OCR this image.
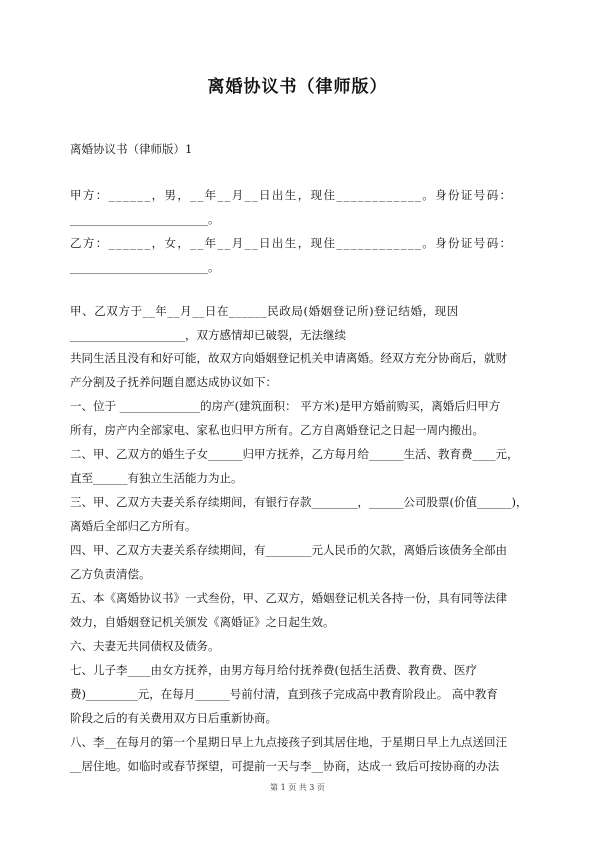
离婚协议书（律师版）
离婚协议书（律师版）1
甲方：______，男，__年__月__日出生，现住____________。身份证号码：
________________________。
乙方：______，女，__年__月__日出生，现住____________。身份证号码：
________________________。
甲、乙双方于__年__月__日在______民政局(婚姻登记所)登记结婚，现因
____________________，双方感情却已破裂，无法继续
共同生活且没有和好可能，故双方向婚姻登记机关申请离婚。经双方充分协商后，就财
产分割及子抚养问题自愿达成协议如下：
一、位于 ______________的房产(建筑面积： 平方米)是甲方婚前购买，离婚后归甲方
所有，房产内全部家电、家私也归甲方所有。乙方自离婚登记之日起一周内搬出。
二、甲、乙双方的婚生子女______归甲方抚养，乙方每月给______生活、教育费____元，
直至______有独立生活能力为止。
三、甲、乙双方夫妻关系存续期间，有银行存款________，______公司股票(价值______)，
离婚后全部归乙方所有。
四、甲、乙双方夫妻关系存续期间，有________元人民币的欠款，离婚后该债务全部由
乙方负责清偿。
五、本《离婚协议书》一式叁份，甲、乙双方，婚姻登记机关各持一份，具有同等法律
效力，自婚姻登记机关颁发《离婚证》之日起生效。
六、夫妻无共同债权及债务。
七、儿子李____由女方抚养，由男方每月给付抚养费(包括生活费、教育费、医疗
费)_________元，在每月______号前付清，直到孩子完成高中教育阶段止。 高中教育
阶段之后的有关费用双方日后重新协商。
八、李__在每月的第一个星期日早上九点接孩子到其居住地，于星期日早上九点送回汪
__居住地。如临时或春节探望，可提前一天与李__协商，达成一 致后可按协商的办法
第 1 页 共 3 页
